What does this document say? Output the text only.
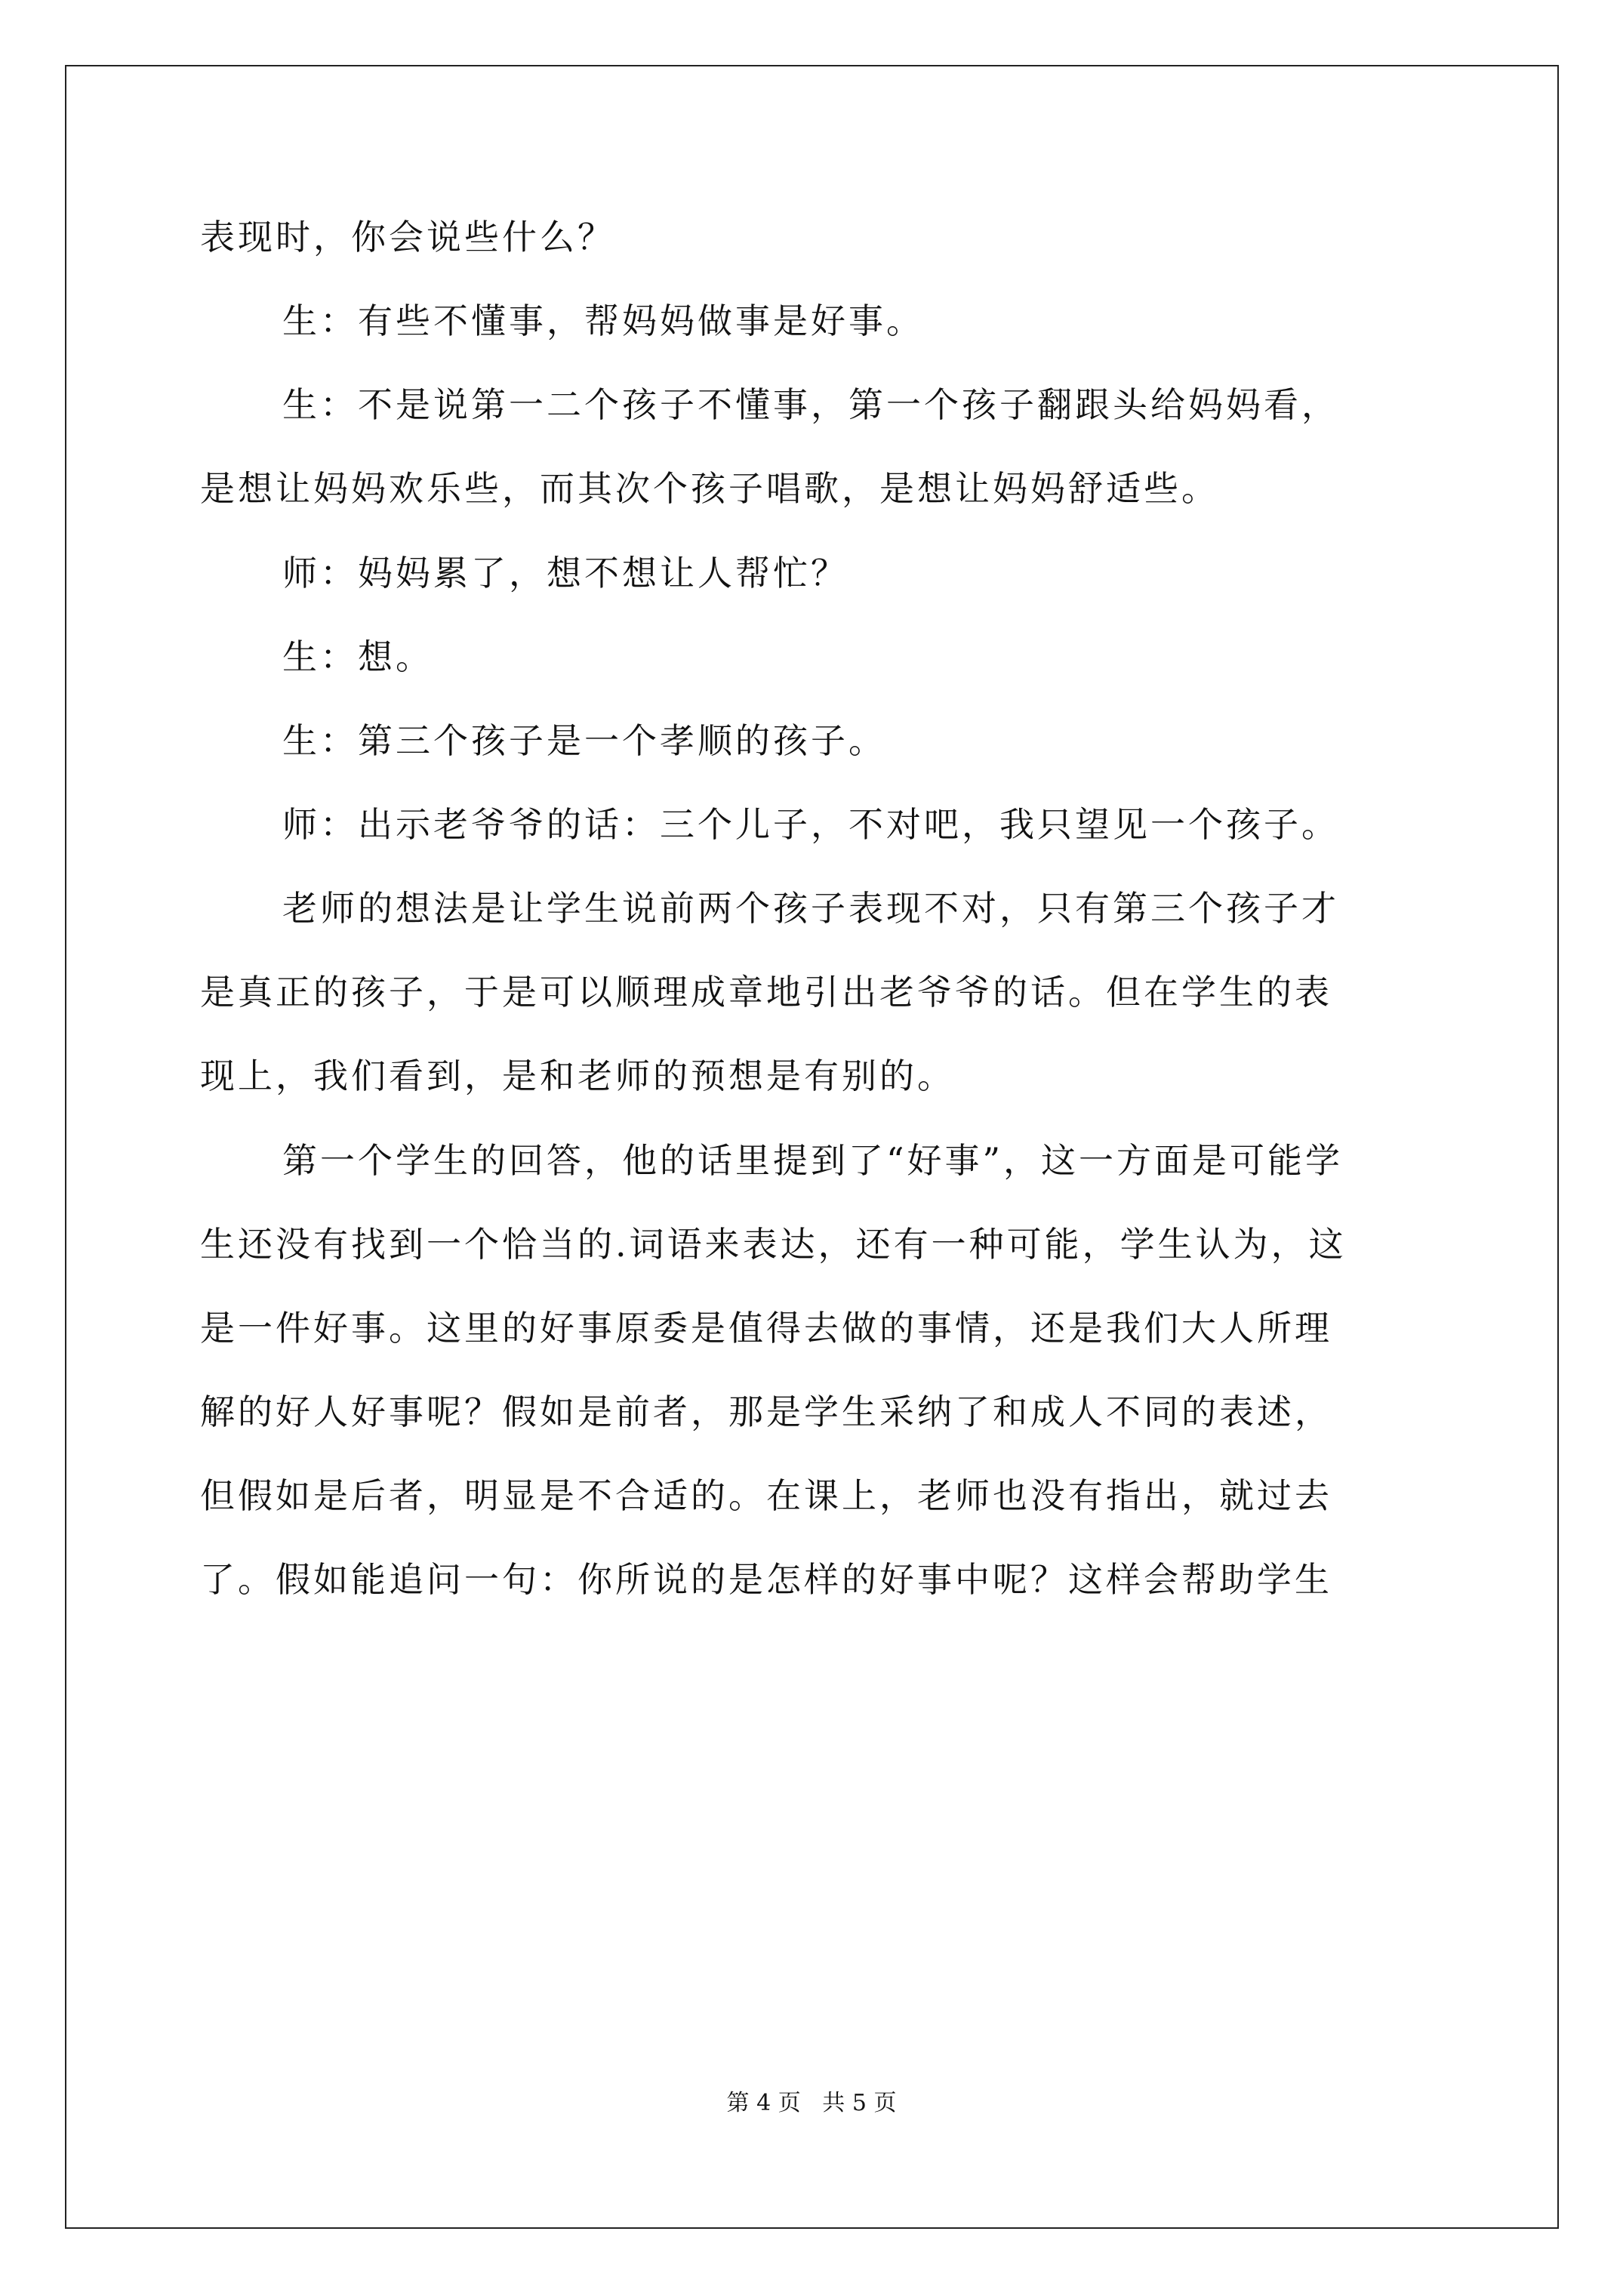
表现时，你会说些什么？
生：有些不懂事，帮妈妈做事是好事。
生：不是说第一二个孩子不懂事，第一个孩子翻跟头给妈妈看，
是想让妈妈欢乐些，而其次个孩子唱歌，是想让妈妈舒适些。
师：妈妈累了，想不想让人帮忙？
生：想。
生：第三个孩子是一个孝顺的孩子。
师：出示老爷爷的话：三个儿子，不对吧，我只望见一个孩子。
老师的想法是让学生说前两个孩子表现不对，只有第三个孩子才
是真正的孩子，于是可以顺理成章地引出老爷爷的话。但在学生的表
现上，我们看到，是和老师的预想是有别的。
第一个学生的回答，他的话里提到了“好事”，这一方面是可能学
生还没有找到一个恰当的.词语来表达，还有一种可能，学生认为，这
是一件好事。这里的好事原委是值得去做的事情，还是我们大人所理
解的好人好事呢？假如是前者，那是学生采纳了和成人不同的表述，
但假如是后者，明显是不合适的。在课上，老师也没有指出，就过去
了。假如能追问一句：你所说的是怎样的好事中呢？这样会帮助学生
第 4 页   共 5 页
